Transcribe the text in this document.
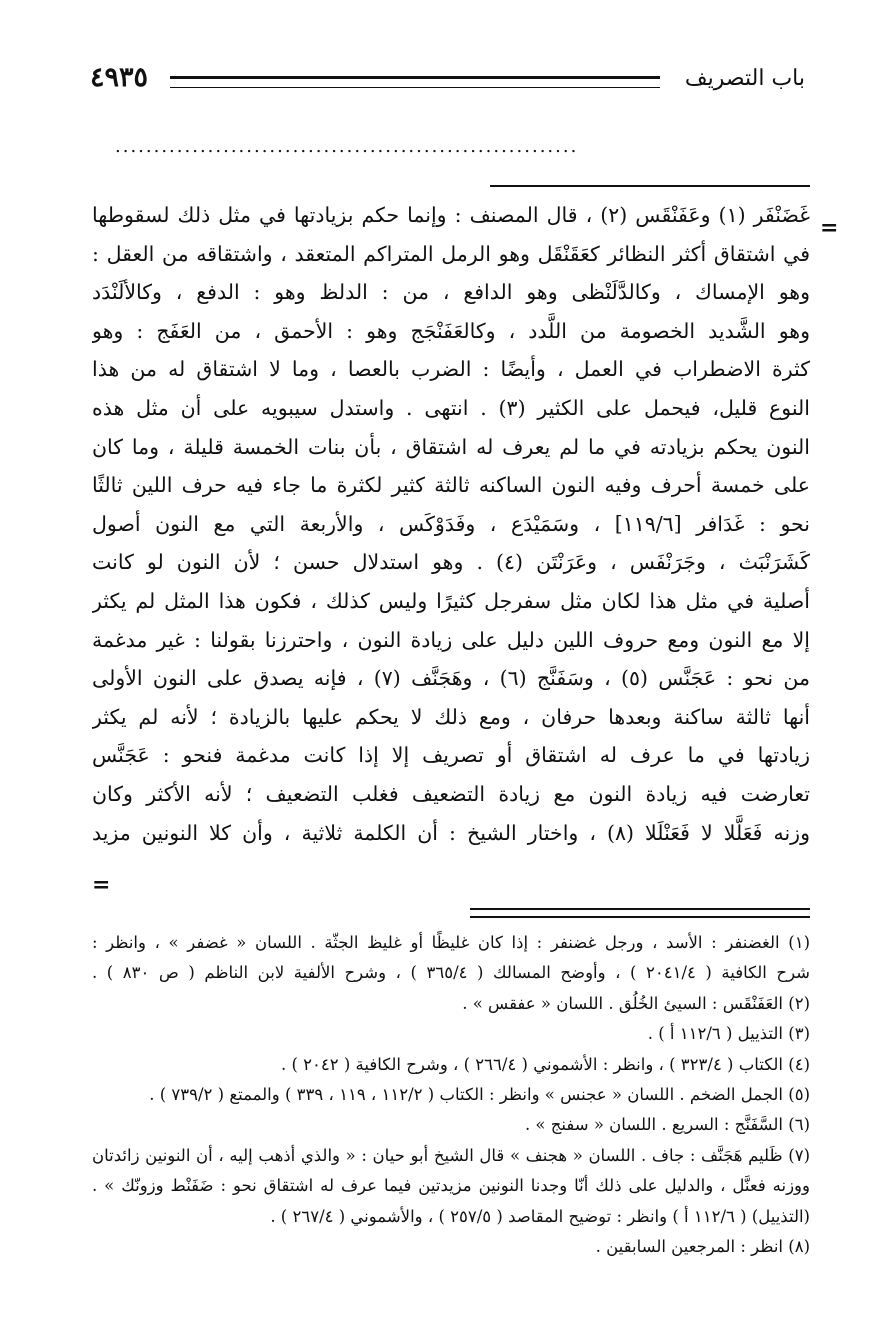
٤٩٣٥	باب التصريف
............................................................
=
غَضَنْفَر (١) وعَفَنْقَس (٢) ، قال المصنف : وإنما حكم بزيادتها في مثل ذلك لسقوطها
في اشتقاق أكثر النظائر كعَقَنْقَل وهو الرمل المتراكم المتعقد ، واشتقاقه من العقل :
وهو الإمساك ، وكالدَّلَنْظى وهو الدافع ، من : الدلظ وهو : الدفع ، وكالألَنْدَد
وهو الشَّديد الخصومة من اللَّدد ، وكالعَفَنْجَج وهو : الأحمق ، من العَفَج : وهو
كثرة الاضطراب في العمل ، وأيضًا : الضرب بالعصا ، وما لا اشتقاق له من هذا
النوع قليل، فيحمل على الكثير (٣) . انتهى . واستدل سيبويه على أن مثل هذه
النون يحكم بزيادته في ما لم يعرف له اشتقاق ، بأن بنات الخمسة قليلة ، وما كان
على خمسة أحرف وفيه النون الساكنه ثالثة كثير لكثرة ما جاء فيه حرف اللين ثالثًا
نحو : غَدَافر [١١٩/٦] ، وسَمَيْدَع ، وفَدَوْكَس ، والأربعة التي مع النون أصول
كَشَرَنْبَث ، وجَرَنْفَس ، وعَرَنْتَن (٤) . وهو استدلال حسن ؛ لأن النون لو كانت
أصلية في مثل هذا لكان مثل سفرجل كثيرًا وليس كذلك ، فكون هذا المثل لم يكثر
إلا مع النون ومع حروف اللين دليل على زيادة النون ، واحترزنا بقولنا : غير مدغمة
من نحو : عَجَنَّس (٥) ، وسَفَنَّج (٦) ، وهَجَنَّف (٧) ، فإنه يصدق على النون الأولى
أنها ثالثة ساكنة وبعدها حرفان ، ومع ذلك لا يحكم عليها بالزيادة ؛ لأنه لم يكثر
زيادتها في ما عرف له اشتقاق أو تصريف إلا إذا كانت مدغمة فنحو : عَجَنَّس
تعارضت فيه زيادة النون مع زيادة التضعيف فغلب التضعيف ؛ لأنه الأكثر وكان
وزنه فَعَلَّلا لا فَعَنْلَلا (٨) ، واختار الشيخ : أن الكلمة ثلاثية ، وأن كلا النونين مزيد
=
(١) الغضنفر : الأسد ، ورجل غضنفر : إذا كان غليظًا أو غليظ الجثّة . اللسان « غضفر » ، وانظر :
شرح الكافية ( ٢٠٤١/٤ ) ، وأوضح المسالك ( ٣٦٥/٤ ) ، وشرح الألفية لابن الناظم ( ص ٨٣٠ ) .
(٢) العَفَنْقَس : السيئ الخُلُق . اللسان « عفقس » .
(٣) التذييل ( ١١٢/٦ أ ) .
(٤) الكتاب ( ٣٢٣/٤ ) ، وانظر : الأشموني ( ٢٦٦/٤ ) ، وشرح الكافية ( ٢٠٤٢ ) .
(٥) الجمل الضخم . اللسان « عجنس » وانظر : الكتاب ( ١١٢/٢ ، ١١٩ ، ٣٣٩ ) والممتع ( ٧٣٩/٢ ) .
(٦) السَّفَنَّج : السريع . اللسان « سفنج » .
(٧) ظَليم هَجَنَّف : جاف . اللسان « هجنف » قال الشيخ أبو حيان : « والذي أذهب إليه ، أن النونين زائدتان
ووزنه فعنَّل ، والدليل على ذلك أنّا وجدنا النونين مزيدتين فيما عرف له اشتقاق نحو : ضَفَنْط وزونّك » .
(التذييل) ( ١١٢/٦ أ ) وانظر : توضيح المقاصد ( ٢٥٧/٥ ) ، والأشموني ( ٢٦٧/٤ ) .
(٨) انظر : المرجعين السابقين .
